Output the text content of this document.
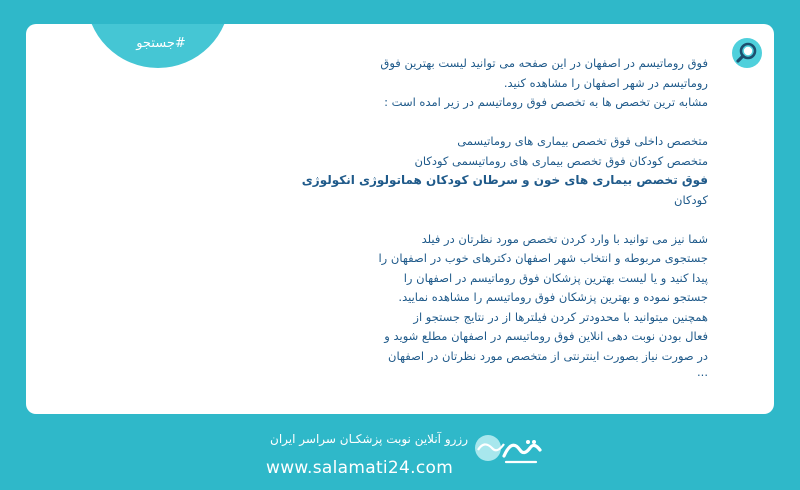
#جستجو

فوق روماتیسم در اصفهان در این صفحه می توانید لیست بهترین فوق

روماتیسم در شهر اصفهان را مشاهده کنید.

مشابه ترین تخصص ها به تخصص فوق روماتیسم در زیر امده است :

متخصص داخلی فوق تخصص بیماری های روماتیسمی

متخصص کودکان فوق تخصص بیماری های روماتیسمی کودکان

فوق تخصص بیماری های خون و سرطان کودکان هماتولوژی انکولوژی

کودکان

شما نیز می توانید با وارد کردن تخصص مورد نظرتان در فیلد

جستجوی مربوطه و انتخاب شهر اصفهان دکترهای خوب در اصفهان را

پیدا کنید و یا لیست بهترین پزشکان فوق روماتیسم در اصفهان را

جستجو نموده و بهترین پزشکان فوق روماتیسم را مشاهده نمایید.

همچنین میتوانید با محدودتر کردن فیلترها از در نتایج جستجو از

فعال بودن نوبت دهی انلاین فوق روماتیسم در اصفهان مطلع شوید و

در صورت نیاز بصورت اینترنتی از متخصص مورد نظرتان در اصفهان

...

رزرو آنلاین نوبت پزشکـان سراسر ایران
www.salamati24.com
